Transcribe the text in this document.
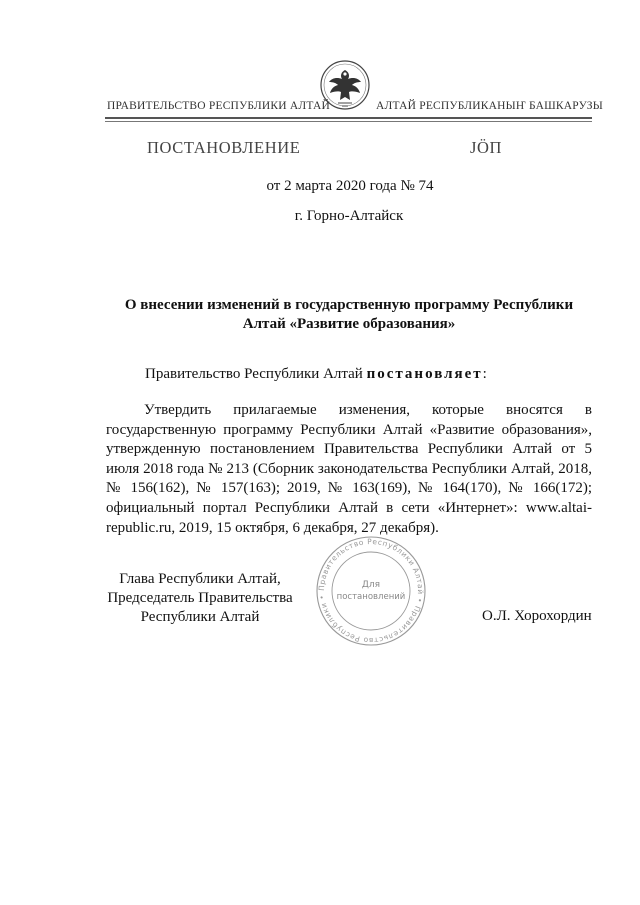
ПРАВИТЕЛЬСТВО РЕСПУБЛИКИ АЛТАЙ	АЛТАЙ РЕСПУБЛИКАНЫҤ БАШКАРУЗЫ
ПОСТАНОВЛЕНИЕ	JӦП
от 2 марта 2020 года № 74
г. Горно-Алтайск
О внесении изменений в государственную программу Республики Алтай «Развитие образования»
Правительство Республики Алтай постановляет:
Утвердить прилагаемые изменения, которые вносятся в государственную программу Республики Алтай «Развитие образования», утвержденную постановлением Правительства Республики Алтай от 5 июля 2018 года № 213 (Сборник законодательства Республики Алтай, 2018, № 156(162), № 157(163); 2019, № 163(169), № 164(170), № 166(172); официальный портал Республики Алтай в сети «Интернет»: www.altai-republic.ru, 2019, 15 октября, 6 декабря, 27 декабря).
Глава Республики Алтай,
Председатель Правительства
Республики Алтай	О.Л. Хорохордин
Правительство Республики Алтай • Правительство Республики •
Для
постановлений
